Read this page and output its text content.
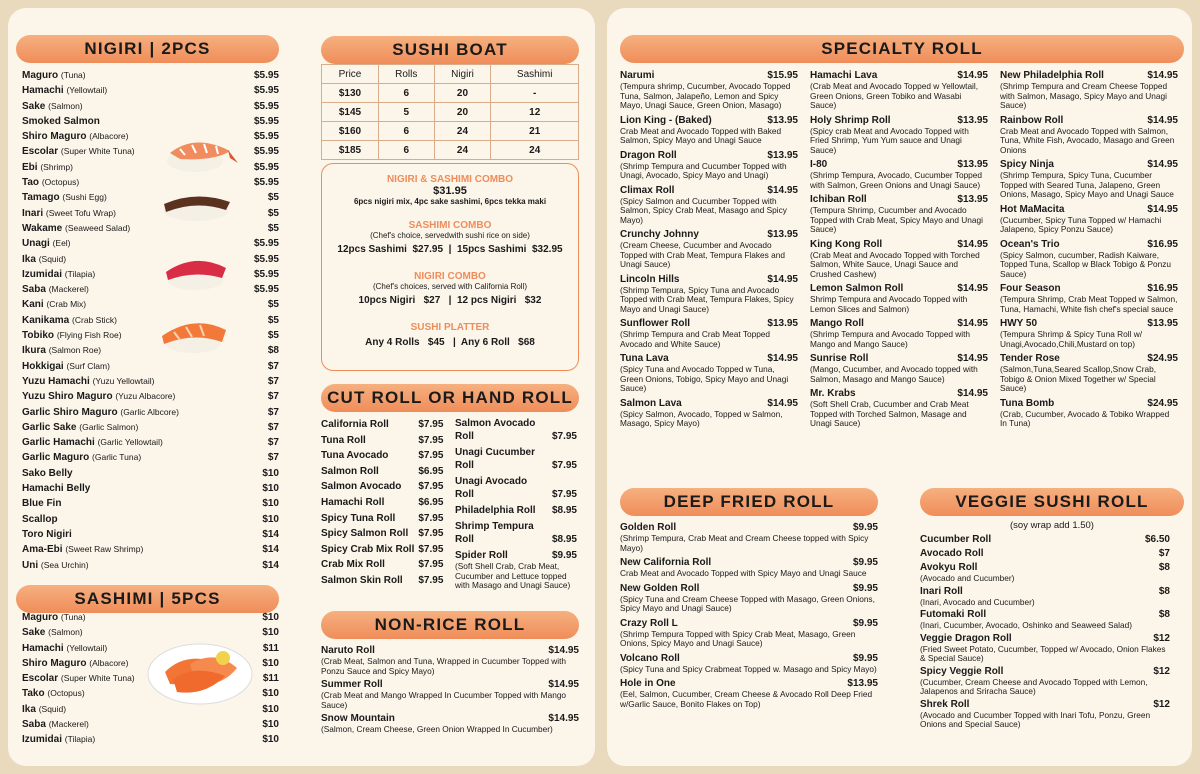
NIGIRI | 2PCS
Maguro (Tuna)	$5.95
Hamachi (Yellowtail)	$5.95
Sake (Salmon)	$5.95
Smoked Salmon	$5.95
Shiro Maguro (Albacore)	$5.95
Escolar (Super White Tuna)	$5.95
Ebi (Shrimp)	$5.95
Tao (Octopus)	$5.95
Tamago (Sushi Egg)	$5
Inari (Sweet Tofu Wrap)	$5
Wakame (Seaweed Salad)	$5
Unagi (Eel)	$5.95
Ika (Squid)	$5.95
Izumidai (Tilapia)	$5.95
Saba (Mackerel)	$5.95
Kani (Crab Mix)	$5
Kanikama (Crab Stick)	$5
Tobiko (Flying Fish Roe)	$5
Ikura (Salmon Roe)	$8
Hokkigai (Surf Clam)	$7
Yuzu Hamachi (Yuzu Yellowtail)	$7
Yuzu Shiro Maguro (Yuzu Albacore)	$7
Garlic Shiro Maguro (Garlic Albcore)	$7
Garlic Sake (Garlic Salmon)	$7
Garlic Hamachi (Garlic Yellowtail)	$7
Garlic Maguro (Garlic Tuna)	$7
Sako Belly	$10
Hamachi Belly	$10
Blue Fin	$10
Scallop	$10
Toro Nigiri	$14
Ama-Ebi (Sweet Raw Shrimp)	$14
Uni (Sea Urchin)	$14
SASHIMI | 5PCS
Maguro (Tuna)	$10
Sake (Salmon)	$10
Hamachi (Yellowtail)	$11
Shiro Maguro (Albacore)	$10
Escolar (Super White Tuna)	$11
Tako (Octopus)	$10
Ika (Squid)	$10
Saba (Mackerel)	$10
Izumidai (Tilapia)	$10
SUSHI BOAT
Price	Rolls	Nigiri	Sashimi
$130	6	20	-
$145	5	20	12
$160	6	24	21
$185	6	24	24
NIGIRI & SASHIMI COMBO
$31.95
6pcs nigiri mix, 4pc sake sashimi, 6pcs tekka maki
SASHIMI COMBO
(Chef's choice, servedwith sushi rice on side)
12pcs Sashimi  $27.95  |  15pcs Sashimi  $32.95
NIGIRI COMBO
(Chef's choices, served with California Roll)
10pcs Nigiri   $27   |  12 pcs Nigiri   $32
SUSHI PLATTER
Any 4 Rolls   $45   |  Any 6 Roll   $68
CUT ROLL OR HAND ROLL
California Roll	$7.95
Tuna Roll	$7.95
Tuna Avocado	$7.95
Salmon Roll	$6.95
Salmon Avocado	$7.95
Hamachi Roll	$6.95
Spicy Tuna Roll	$7.95
Spicy Salmon Roll	$7.95
Spicy Crab Mix Roll $7.95
Crab Mix Roll	$7.95
Salmon Skin Roll	$7.95
Salmon Avocado Roll	$7.95
Unagi Cucumber Roll	$7.95
Unagi Avocado Roll	$7.95
Philadelphia Roll $8.95
Shrimp Tempura Roll	$8.95
Spider Roll	$9.95
(Soft Shell Crab, Crab Meat, Cucumber and Lettuce topped with Masago and Unagi Sauce)
NON-RICE ROLL
Naruto Roll	$14.95
(Crab Meat, Salmon and Tuna, Wrapped in Cucumber Topped with Ponzu Sauce and Spicy Mayo)
Summer Roll	$14.95
(Crab Meat and Mango Wrapped In Cucumber Topped with Mango Sauce)
Snow Mountain	$14.95
(Salmon, Cream Cheese, Green Onion Wrapped In Cucumber)
SPECIALTY ROLL
Narumi	$15.95
(Tempura shrimp, Cucumber, Avocado Topped Tuna, Salmon, Jalapeño, Lemon and Spicy Mayo, Unagi Sauce, Green Onion, Masago)
Lion King - (Baked)	$13.95
Crab Meat and Avocado Topped with Baked Salmon, Spicy Mayo and Unagi Sauce
Dragon Roll	$13.95
(Shrimp Tempura and Cucumber Topped with Unagi, Avocado, Spicy Mayo and Unagi)
Climax Roll	$14.95
(Spicy Salmon and Cucumber Topped with Salmon, Spicy Crab Meat, Masago and Spicy Mayo)
Crunchy Johnny	$13.95
(Cream Cheese, Cucumber and Avocado Topped with Crab Meat, Tempura Flakes and Unagi Sauce)
Lincoln Hills	$14.95
(Shrimp Tempura, Spicy Tuna and Avocado Topped with Crab Meat, Tempura Flakes, Spicy Mayo and Unagi Sauce)
Sunflower Roll	$13.95
(Shrimp Tempura and Crab Meat Topped Avocado and White Sauce)
Tuna Lava	$14.95
(Spicy Tuna and Avocado Topped w Tuna, Green Onions, Tobigo, Spicy Mayo and Unagi Sauce)
Salmon Lava	$14.95
(Spicy Salmon, Avocado, Topped w Salmon, Masago, Spicy Mayo)
Hamachi Lava	$14.95
(Crab Meat and Avocado Topped w Yellowtail, Green Onions, Green Tobiko and Wasabi Sauce)
Holy Shrimp Roll	$13.95
(Spicy crab Meat and Avocado Topped with Fried Shrimp, Yum Yum sauce and Unagi Sauce)
I-80	$13.95
(Shrimp Tempura, Avocado, Cucumber Topped with Salmon, Green Onions and Unagi Sauce)
Ichiban Roll	$13.95
(Tempura Shrimp, Cucumber and Avocado Topped with Crab Meat, Spicy Mayo and Unagi Sauce)
King Kong Roll	$14.95
(Crab Meat and Avocado Topped with Torched Salmon, White Sauce, Unagi Sauce and Crushed Cashew)
Lemon Salmon Roll	$14.95
Shrimp Tempura and Avocado Topped with Lemon Slices and Salmon)
Mango Roll	$14.95
(Shrimp Tempura and Avocado Topped with Mango and Mango Sauce)
Sunrise Roll	$14.95
(Mango, Cucumber, and Avocado topped with Salmon, Masago and Mango Sauce)
Mr. Krabs	$14.95
(Soft Shell Crab, Cucumber and Crab Meat Topped with Torched Salmon, Masage and Unagi Sauce)
New Philadelphia Roll	$14.95
(Shrimp Tempura and Cream Cheese Topped with Salmon, Masago, Spicy Mayo and Unagi Sauce)
Rainbow Roll	$14.95
Crab Meat and Avocado Topped with Salmon, Tuna, White Fish, Avocado, Masago and Green Onions
Spicy Ninja	$14.95
(Shrimp Tempura, Spicy Tuna, Cucumber Topped with Seared Tuna, Jalapeno, Green Onions, Masago, Spicy Mayo and Unagi Sauce
Hot MaMacita	$14.95
(Cucumber, Spicy Tuna Topped w/ Hamachi Jalapeno, Spicy Ponzu Sauce)
Ocean's Trio	$16.95
(Spicy Salmon, cucumber, Radish Kaiware, Topped Tuna, Scallop w Black Tobigo & Ponzu Sauce)
Four Season	$16.95
(Tempura Shrimp, Crab Meat Topped w Salmon, Tuna, Hamachi, White fish chef's special sauce
HWY 50	$13.95
(Tempura Shrimp & Spicy Tuna Roll w/ Unagi,Avocado,Chili,Mustard on top)
Tender Rose	$24.95
(Salmon,Tuna,Seared Scallop,Snow Crab, Tobigo & Onion Mixed Together w/ Special Sauce)
Tuna Bomb	$24.95
(Crab, Cucumber, Avocado & Tobiko Wrapped In Tuna)
DEEP FRIED ROLL
Golden Roll	$9.95
(Shrimp Tempura, Crab Meat and Cream Cheese topped with Spicy Mayo)
New California Roll	$9.95
Crab Meat and Avocado Topped with Spicy Mayo and Unagi Sauce
New Golden Roll	$9.95
(Spicy Tuna and Cream Cheese Topped with Masago, Green Onions, Spicy Mayo and Unagi Sauce)
Crazy Roll L	$9.95
(Shrimp Tempura Topped with Spicy Crab Meat, Masago, Green Onions, Spicy Mayo and Unagi Sauce)
Volcano Roll	$9.95
(Spicy Tuna and Spicy Crabmeat Topped w. Masago and Spicy Mayo)
Hole in One	$13.95
(Eel, Salmon, Cucumber, Cream Cheese & Avocado Roll Deep Fried w/Garlic Sauce, Bonito Flakes on Top)
VEGGIE SUSHI ROLL
(soy wrap add 1.50)
Cucumber Roll	$6.50
Avocado Roll	$7
Avokyu Roll	$8
(Avocado and Cucumber)
Inari Roll	$8
(Inari, Avocado and Cucumber)
Futomaki Roll	$8
(Inari, Cucumber, Avocado, Oshinko and Seaweed Salad)
Veggie Dragon Roll	$12
(Fried Sweet Potato, Cucumber, Topped w/ Avocado, Onion Flakes & Special Sauce)
Spicy Veggie Roll	$12
(Cucumber, Cream Cheese and Avocado Topped with Lemon, Jalapenos and Sriracha Sauce)
Shrek Roll	$12
(Avocado and Cucumber Topped with Inari Tofu, Ponzu, Green Onions and Special Sauce)
